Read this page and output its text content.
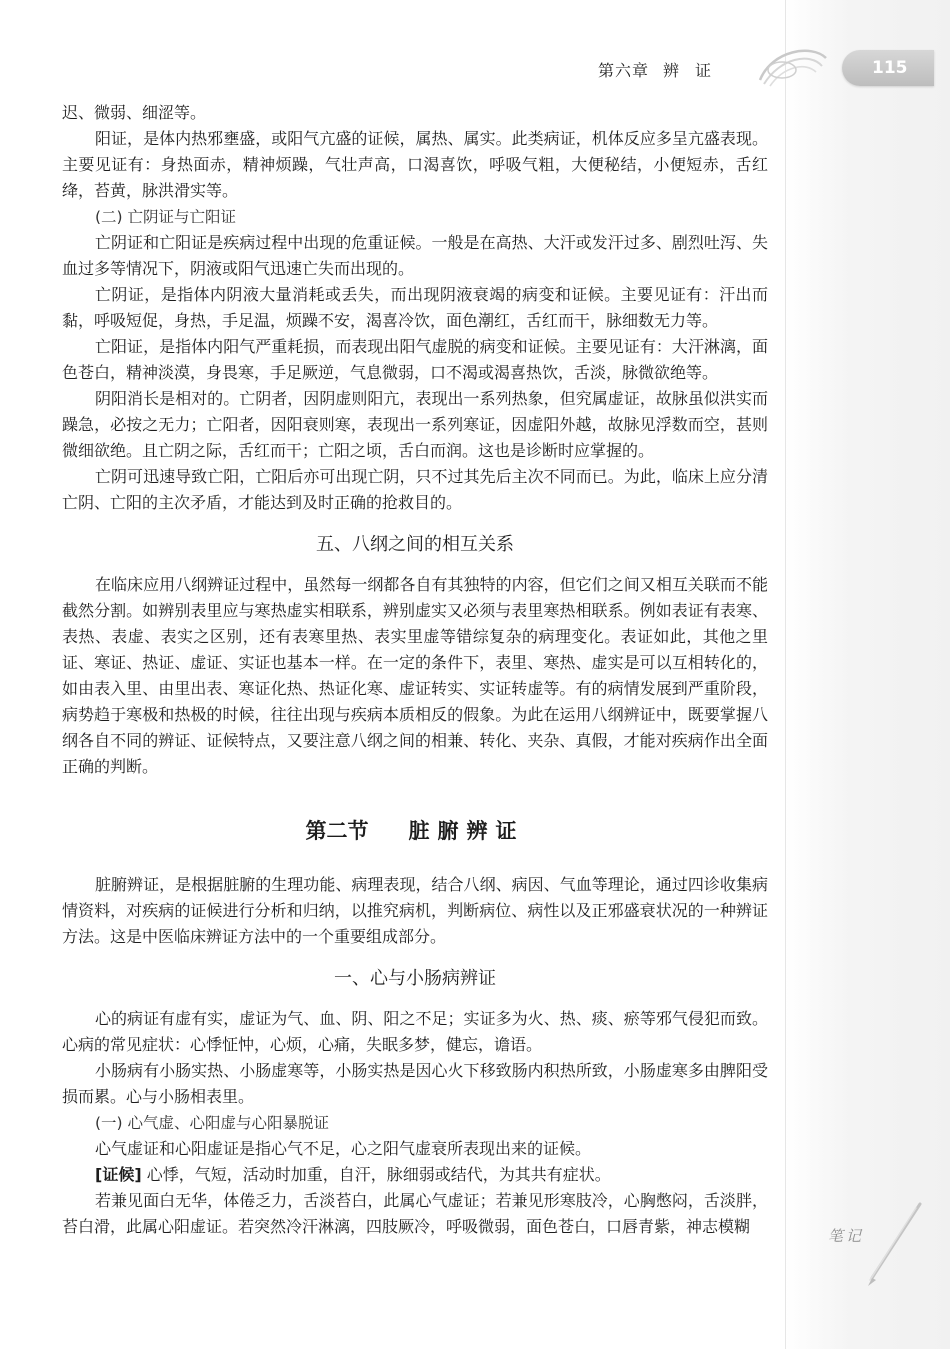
第六章 辨　证	115

迟、微弱、细涩等。

阳证，是体内热邪壅盛，或阳气亢盛的证候，属热、属实。此类病证，机体反应多呈亢盛表现。主要见证有：身热面赤，精神烦躁，气壮声高，口渴喜饮，呼吸气粗，大便秘结，小便短赤，舌红绛，苔黄，脉洪滑实等。

(二) 亡阴证与亡阳证

亡阴证和亡阳证是疾病过程中出现的危重证候。一般是在高热、大汗或发汗过多、剧烈吐泻、失血过多等情况下，阴液或阳气迅速亡失而出现的。

亡阴证，是指体内阴液大量消耗或丢失，而出现阴液衰竭的病变和证候。主要见证有：汗出而黏，呼吸短促，身热，手足温，烦躁不安，渴喜冷饮，面色潮红，舌红而干，脉细数无力等。

亡阳证，是指体内阳气严重耗损，而表现出阳气虚脱的病变和证候。主要见证有：大汗淋漓，面色苍白，精神淡漠，身畏寒，手足厥逆，气息微弱，口不渴或渴喜热饮，舌淡，脉微欲绝等。

阴阳消长是相对的。亡阴者，因阴虚则阳亢，表现出一系列热象，但究属虚证，故脉虽似洪实而躁急，必按之无力；亡阳者，因阳衰则寒，表现出一系列寒证，因虚阳外越，故脉见浮数而空，甚则微细欲绝。且亡阴之际，舌红而干；亡阳之顷，舌白而润。这也是诊断时应掌握的。

亡阴可迅速导致亡阳，亡阳后亦可出现亡阴，只不过其先后主次不同而已。为此，临床上应分清亡阴、亡阳的主次矛盾，才能达到及时正确的抢救目的。

五、八纲之间的相互关系

在临床应用八纲辨证过程中，虽然每一纲都各自有其独特的内容，但它们之间又相互关联而不能截然分割。如辨别表里应与寒热虚实相联系，辨别虚实又必须与表里寒热相联系。例如表证有表寒、表热、表虚、表实之区别，还有表寒里热、表实里虚等错综复杂的病理变化。表证如此，其他之里证、寒证、热证、虚证、实证也基本一样。在一定的条件下，表里、寒热、虚实是可以互相转化的，如由表入里、由里出表、寒证化热、热证化寒、虚证转实、实证转虚等。有的病情发展到严重阶段，病势趋于寒极和热极的时候，往往出现与疾病本质相反的假象。为此在运用八纲辨证中，既要掌握八纲各自不同的辨证、证候特点，又要注意八纲之间的相兼、转化、夹杂、真假，才能对疾病作出全面正确的判断。

第二节 脏腑辨证

脏腑辨证，是根据脏腑的生理功能、病理表现，结合八纲、病因、气血等理论，通过四诊收集病情资料，对疾病的证候进行分析和归纳，以推究病机，判断病位、病性以及正邪盛衰状况的一种辨证方法。这是中医临床辨证方法中的一个重要组成部分。

一、心与小肠病辨证

心的病证有虚有实，虚证为气、血、阴、阳之不足；实证多为火、热、痰、瘀等邪气侵犯而致。心病的常见症状：心悸怔忡，心烦，心痛，失眠多梦，健忘，谵语。

小肠病有小肠实热、小肠虚寒等，小肠实热是因心火下移致肠内积热所致，小肠虚寒多由脾阳受损而累。心与小肠相表里。

(一) 心气虚、心阳虚与心阳暴脱证

心气虚证和心阳虚证是指心气不足，心之阳气虚衰所表现出来的证候。

[证候] 心悸，气短，活动时加重，自汗，脉细弱或结代，为其共有症状。

若兼见面白无华，体倦乏力，舌淡苔白，此属心气虚证；若兼见形寒肢冷，心胸憋闷，舌淡胖，苔白滑，此属心阳虚证。若突然冷汗淋漓，四肢厥冷，呼吸微弱，面色苍白，口唇青紫，神志模糊	笔记
